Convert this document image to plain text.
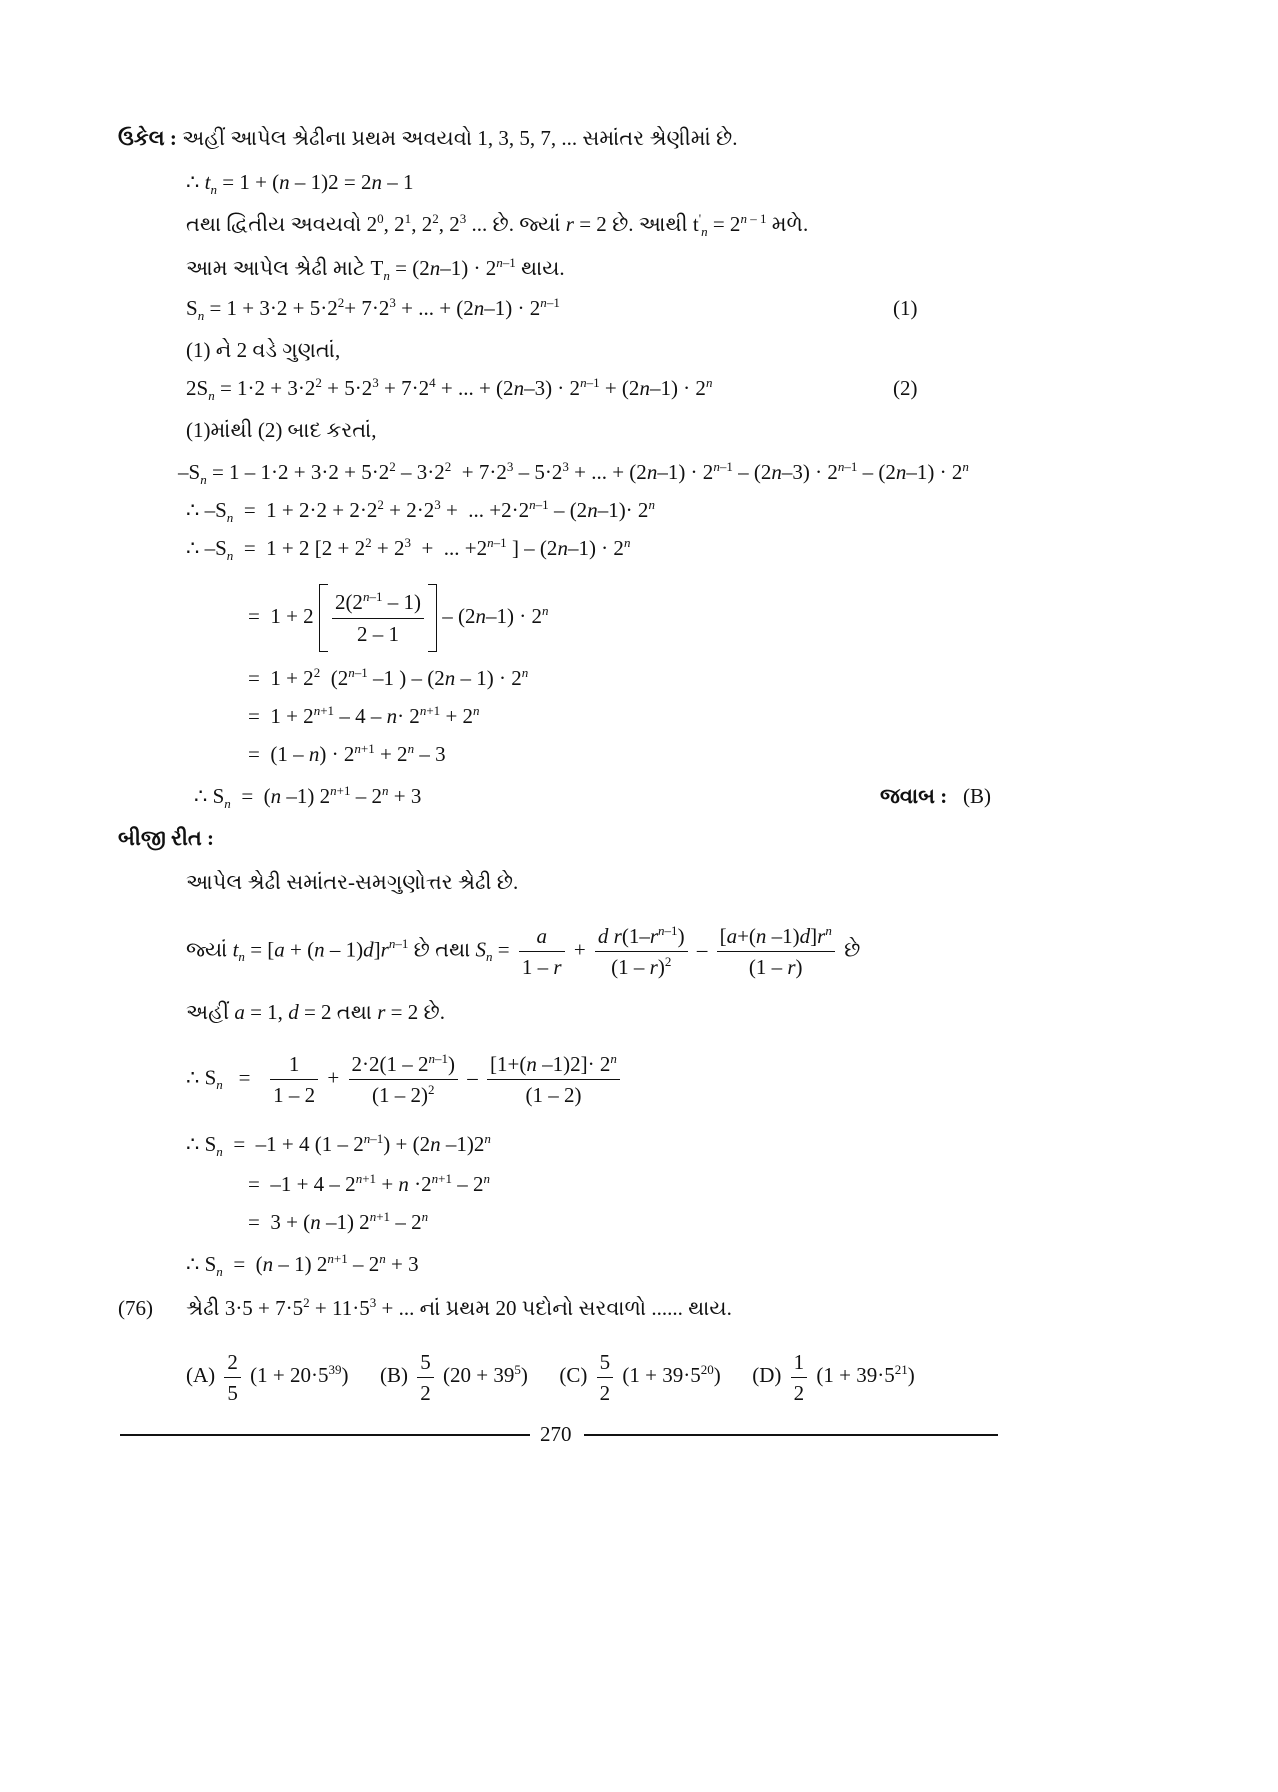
ઉકેલ : અહીં આપેલ શ્રેઢીના પ્રથમ અવયવો 1, 3, 5, 7, ... સમાંતર શ્રેણીમાં છે.
∴ $t_n = 1 + (n - 1)2 = 2n - 1$
તથા દ્વિતીય અવયવો $2^0$, $2^1$, $2^2$, $2^3$ ... છે. જ્યાં r = 2 છે. આથી $t'_n = 2^{n - 1}$ મળે.
આમ આપેલ શ્રેઢી માટે $T_n = (2n-1) \cdot 2^{n-1}$ થાય.
$S_n = 1 + 3\cdot 2 + 5\cdot 2^2+ 7\cdot 2^3$ + ... + $(2n-1) \cdot 2^{n-1}$	(1)
(1) ને 2 વડે ગુણતાં,
$2S_n = 1\cdot 2 + 3\cdot 2^2 + 5\cdot 2^3 + 7\cdot 2^4$ + ... + $(2n-3) \cdot 2^{n-1} + (2n-1) \cdot 2^n$	(2)
(1)માંથી (2) બાદ કરતાં,
$-S_n = 1 - 1\cdot 2 + 3\cdot 2 + 5\cdot 2^2 - 3\cdot 2^2 + 7\cdot 2^3 - 5\cdot 2^3$ + ... + $(2n-1) \cdot 2^{n-1} - (2n-3) \cdot 2^{n-1} - (2n-1) \cdot 2^n$
∴ $-S_n = 1 + 2\cdot 2 + 2\cdot 2^2 + 2\cdot 2^3$ +  ... $+2\cdot 2^{n-1} - (2n-1)\cdot 2^n$
∴ $-S_n = 1 + 2$ [$2 + 2^2 + 2^3$  +  ... $+2^{n-1}$ ] – $(2n-1) \cdot 2^n$
=  $1 + 2 \frac{2(2^{n-1} - 1)}{2 - 1} - (2n-1) \cdot 2^n$
=  $1 + 2^2$  (2$^{n-1}$ –1 ) – $(2n - 1) \cdot 2^n$
=  $1 + 2^{n+1} - 4 - n\cdot 2^{n+1} + 2^n$
=  $(1 - n) \cdot 2^{n+1} + 2^n - 3$
∴ $S_n = (n$ –1) $2^{n+1} - 2^n + 3$	જવાબ : (B)
બીજી રીત :
આપેલ શ્રેઢી સમાંતર-સમગુણોત્તર શ્રેઢી છે.
જ્યાં $t_n = [a + (n - 1)d]r^{n-1}$ છે તથા $S_n = \frac{a}{1 - r} + \frac{d r(1-r^{n-1})}{(1 - r)^2} - \frac{[a+(n -1)d]r^n}{(1 - r)}$ છે
અહીં a = 1, d = 2 તથા r = 2 છે.
∴ $S_n = \frac{1}{1 - 2} + \frac{2\cdot 2(1 - 2^{n-1})}{(1 - 2)^2} - \frac{[1+(n -1)2]\cdot 2^n}{(1 - 2)}$
∴ $S_n = -1 + 4$ $(1 - 2^{n-1}) + (2n$ $-1)2^n$
=  $-1 + 4 - 2^{n+1} + n \cdot 2^{n+1} - 2^n$
=  3 + (n –1) $2^{n+1} - 2^n$
∴ $S_n = (n - 1)$ $2^{n+1} - 2^n + 3$
(76) શ્રેઢી $3\cdot 5 + 7\cdot 5^2 + 11\cdot 5^3$ + ... નાં પ્રથમ 20 પદોનો સરવાળો ...... થાય.
$(A) \frac{2}{5} (1 + 20\cdot 5^{39})$      $(B) \frac{5}{2} (20 + 39^5)$      $(C) \frac{5}{2} (1 + 39\cdot 5^{20})$      $(D) \frac{1}{2} (1 + 39\cdot 5^{21})$
270
